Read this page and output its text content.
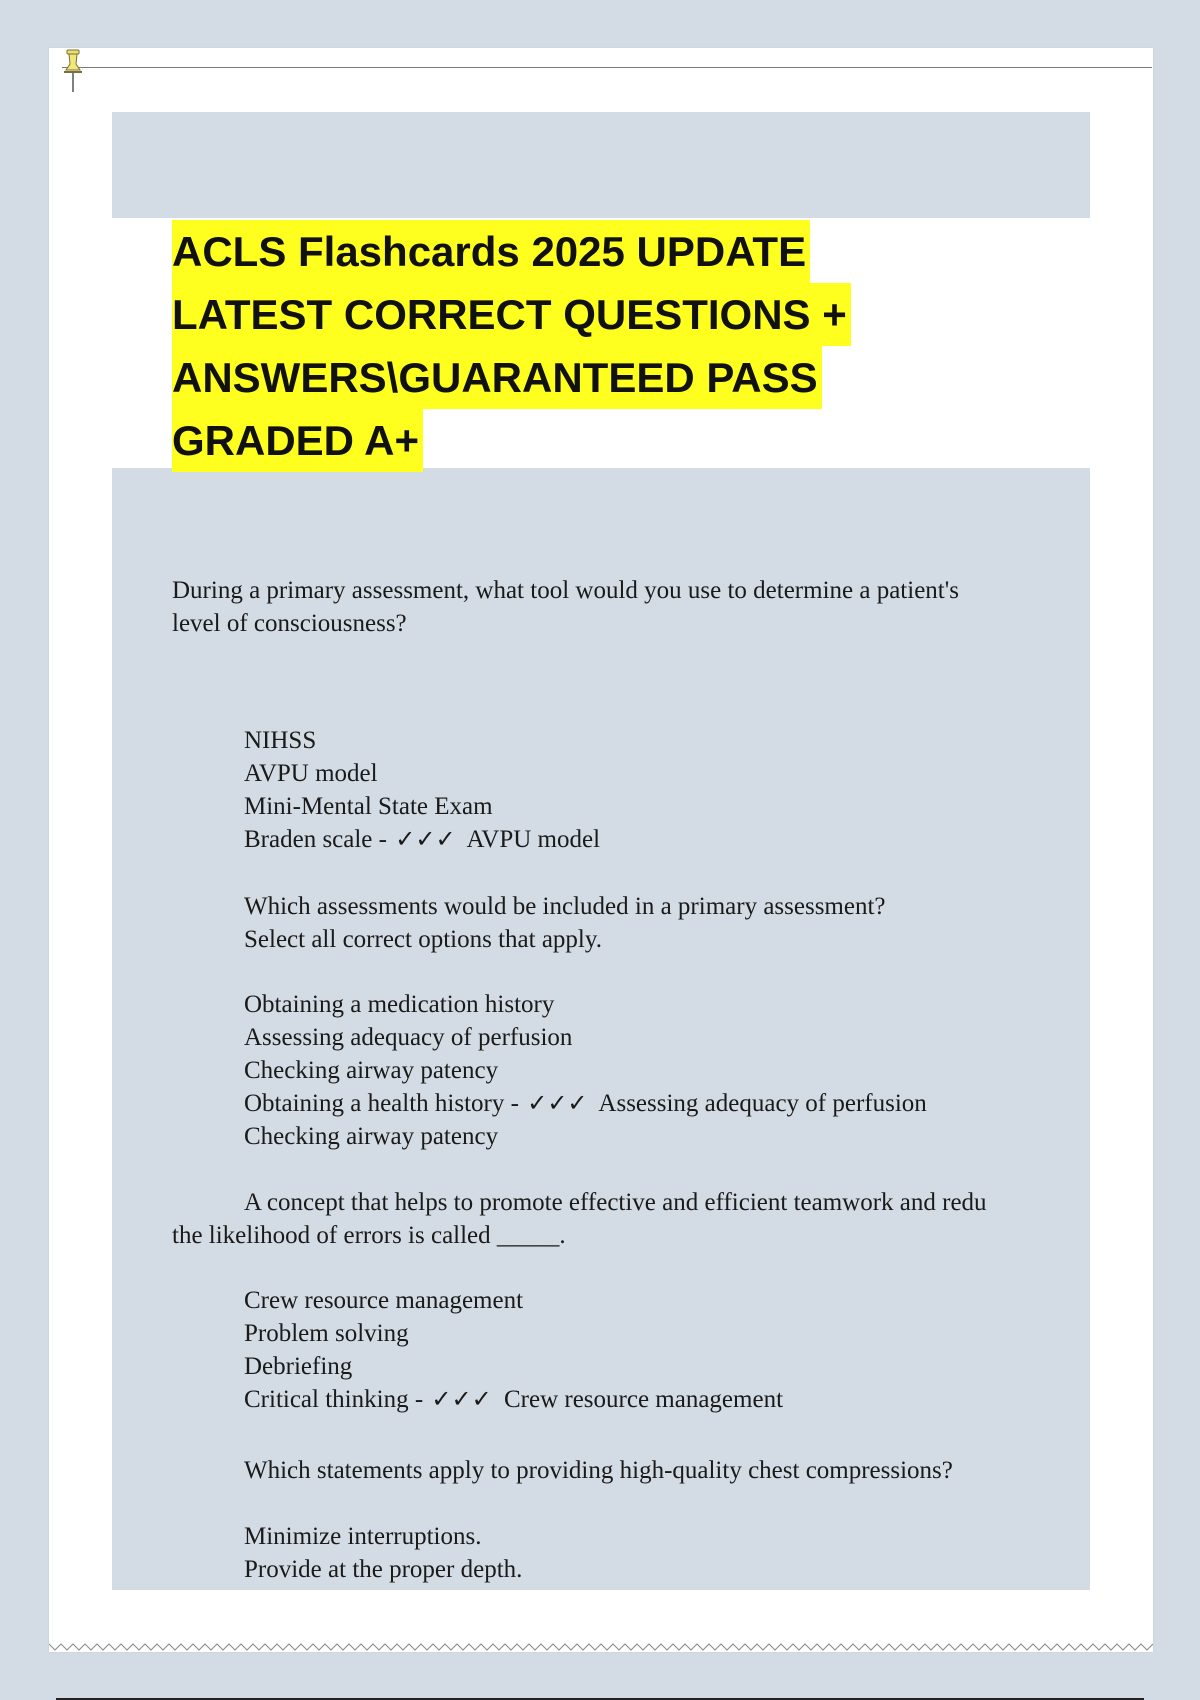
ACLS Flashcards 2025 UPDATE
LATEST CORRECT QUESTIONS +
ANSWERS\GUARANTEED PASS
GRADED A+
During a primary assessment, what tool would you use to determine a patient's
level of consciousness?
NIHSS
AVPU model
Mini-Mental State Exam
Braden scale - ✓✓✓ AVPU model
Which assessments would be included in a primary assessment?
Select all correct options that apply.
Obtaining a medication history
Assessing adequacy of perfusion
Checking airway patency
Obtaining a health history - ✓✓✓ Assessing adequacy of perfusion
Checking airway patency
A concept that helps to promote effective and efficient teamwork and redu
the likelihood of errors is called _____.
Crew resource management
Problem solving
Debriefing
Critical thinking - ✓✓✓ Crew resource management
Which statements apply to providing high-quality chest compressions?
Minimize interruptions.
Provide at the proper depth.
